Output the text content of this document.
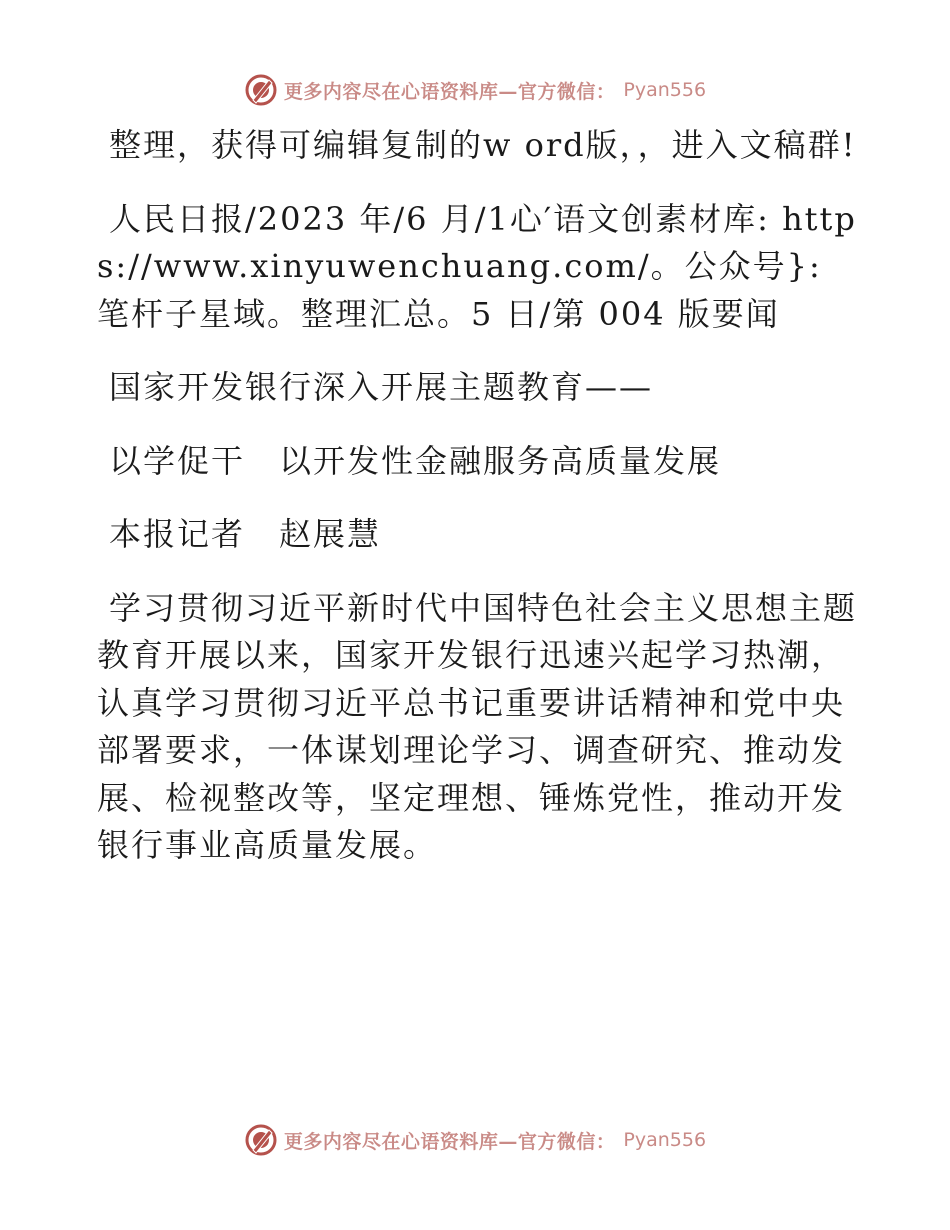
更多内容尽在心语资料库—官方微信： Pyan556

整理，获得可编辑复制的w ord版，，进入文稿群!

人民日报/2023 年/6 月/1心′语文创素材库: https://www.xinyuwenchuang.com/。公众号}: 笔杆子星域。整理汇总。5 日/第 004 版要闻

国家开发银行深入开展主题教育——

以学促干　以开发性金融服务高质量发展

本报记者　赵展慧

学习贯彻习近平新时代中国特色社会主义思想主题教育开展以来，国家开发银行迅速兴起学习热潮，认真学习贯彻习近平总书记重要讲话精神和党中央部署要求，一体谋划理论学习、调查研究、推动发展、检视整改等，坚定理想、锤炼党性，推动开发银行事业高质量发展。

更多内容尽在心语资料库—官方微信： Pyan556
